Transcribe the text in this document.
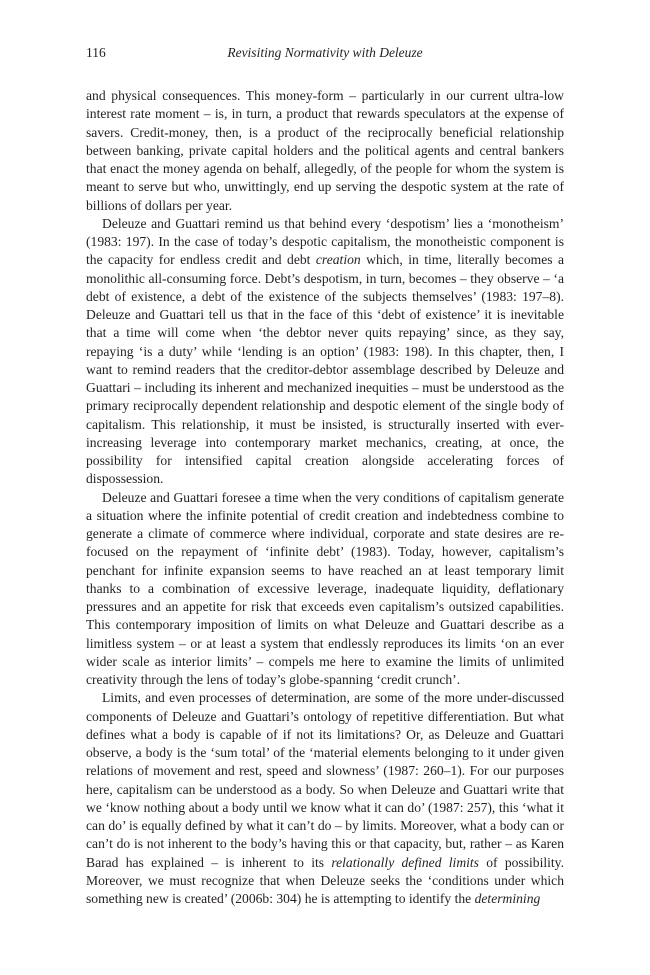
116	Revisiting Normativity with Deleuze

and physical consequences. This money-form – particularly in our current ultra-low interest rate moment – is, in turn, a product that rewards speculators at the expense of savers. Credit-money, then, is a product of the reciprocally beneficial relationship between banking, private capital holders and the political agents and central bankers that enact the money agenda on behalf, allegedly, of the people for whom the system is meant to serve but who, unwittingly, end up serving the despotic system at the rate of billions of dollars per year.

Deleuze and Guattari remind us that behind every ‘despotism’ lies a ‘monotheism’ (1983: 197). In the case of today’s despotic capitalism, the monotheistic component is the capacity for endless credit and debt creation which, in time, literally becomes a monolithic all-consuming force. Debt’s despotism, in turn, becomes – they observe – ‘a debt of existence, a debt of the existence of the subjects themselves’ (1983: 197–8). Deleuze and Guattari tell us that in the face of this ‘debt of existence’ it is inevitable that a time will come when ‘the debtor never quits repaying’ since, as they say, repaying ‘is a duty’ while ‘lending is an option’ (1983: 198). In this chapter, then, I want to remind readers that the creditor-debtor assemblage described by Deleuze and Guattari – including its inherent and mechanized inequities – must be understood as the primary reciprocally dependent relationship and despotic element of the single body of capitalism. This relationship, it must be insisted, is structurally inserted with ever-increasing leverage into contemporary market mechanics, creating, at once, the possibility for intensified capital creation alongside accelerating forces of dispossession.

Deleuze and Guattari foresee a time when the very conditions of capitalism generate a situation where the infinite potential of credit creation and indebtedness combine to generate a climate of commerce where individual, corporate and state desires are re-focused on the repayment of ‘infinite debt’ (1983). Today, however, capitalism’s penchant for infinite expansion seems to have reached an at least temporary limit thanks to a combination of excessive leverage, inadequate liquidity, deflationary pressures and an appetite for risk that exceeds even capitalism’s outsized capabilities. This contemporary imposition of limits on what Deleuze and Guattari describe as a limitless system – or at least a system that endlessly reproduces its limits ‘on an ever wider scale as interior limits’ – compels me here to examine the limits of unlimited creativity through the lens of today’s globe-spanning ‘credit crunch’.

Limits, and even processes of determination, are some of the more under-discussed components of Deleuze and Guattari’s ontology of repetitive differentiation. But what defines what a body is capable of if not its limitations? Or, as Deleuze and Guattari observe, a body is the ‘sum total’ of the ‘material elements belonging to it under given relations of movement and rest, speed and slowness’ (1987: 260–1). For our purposes here, capitalism can be understood as a body. So when Deleuze and Guattari write that we ‘know nothing about a body until we know what it can do’ (1987: 257), this ‘what it can do’ is equally defined by what it can’t do – by limits. Moreover, what a body can or can’t do is not inherent to the body’s having this or that capacity, but, rather – as Karen Barad has explained – is inherent to its relationally defined limits of possibility. Moreover, we must recognize that when Deleuze seeks the ‘conditions under which something new is created’ (2006b: 304) he is attempting to identify the determining
